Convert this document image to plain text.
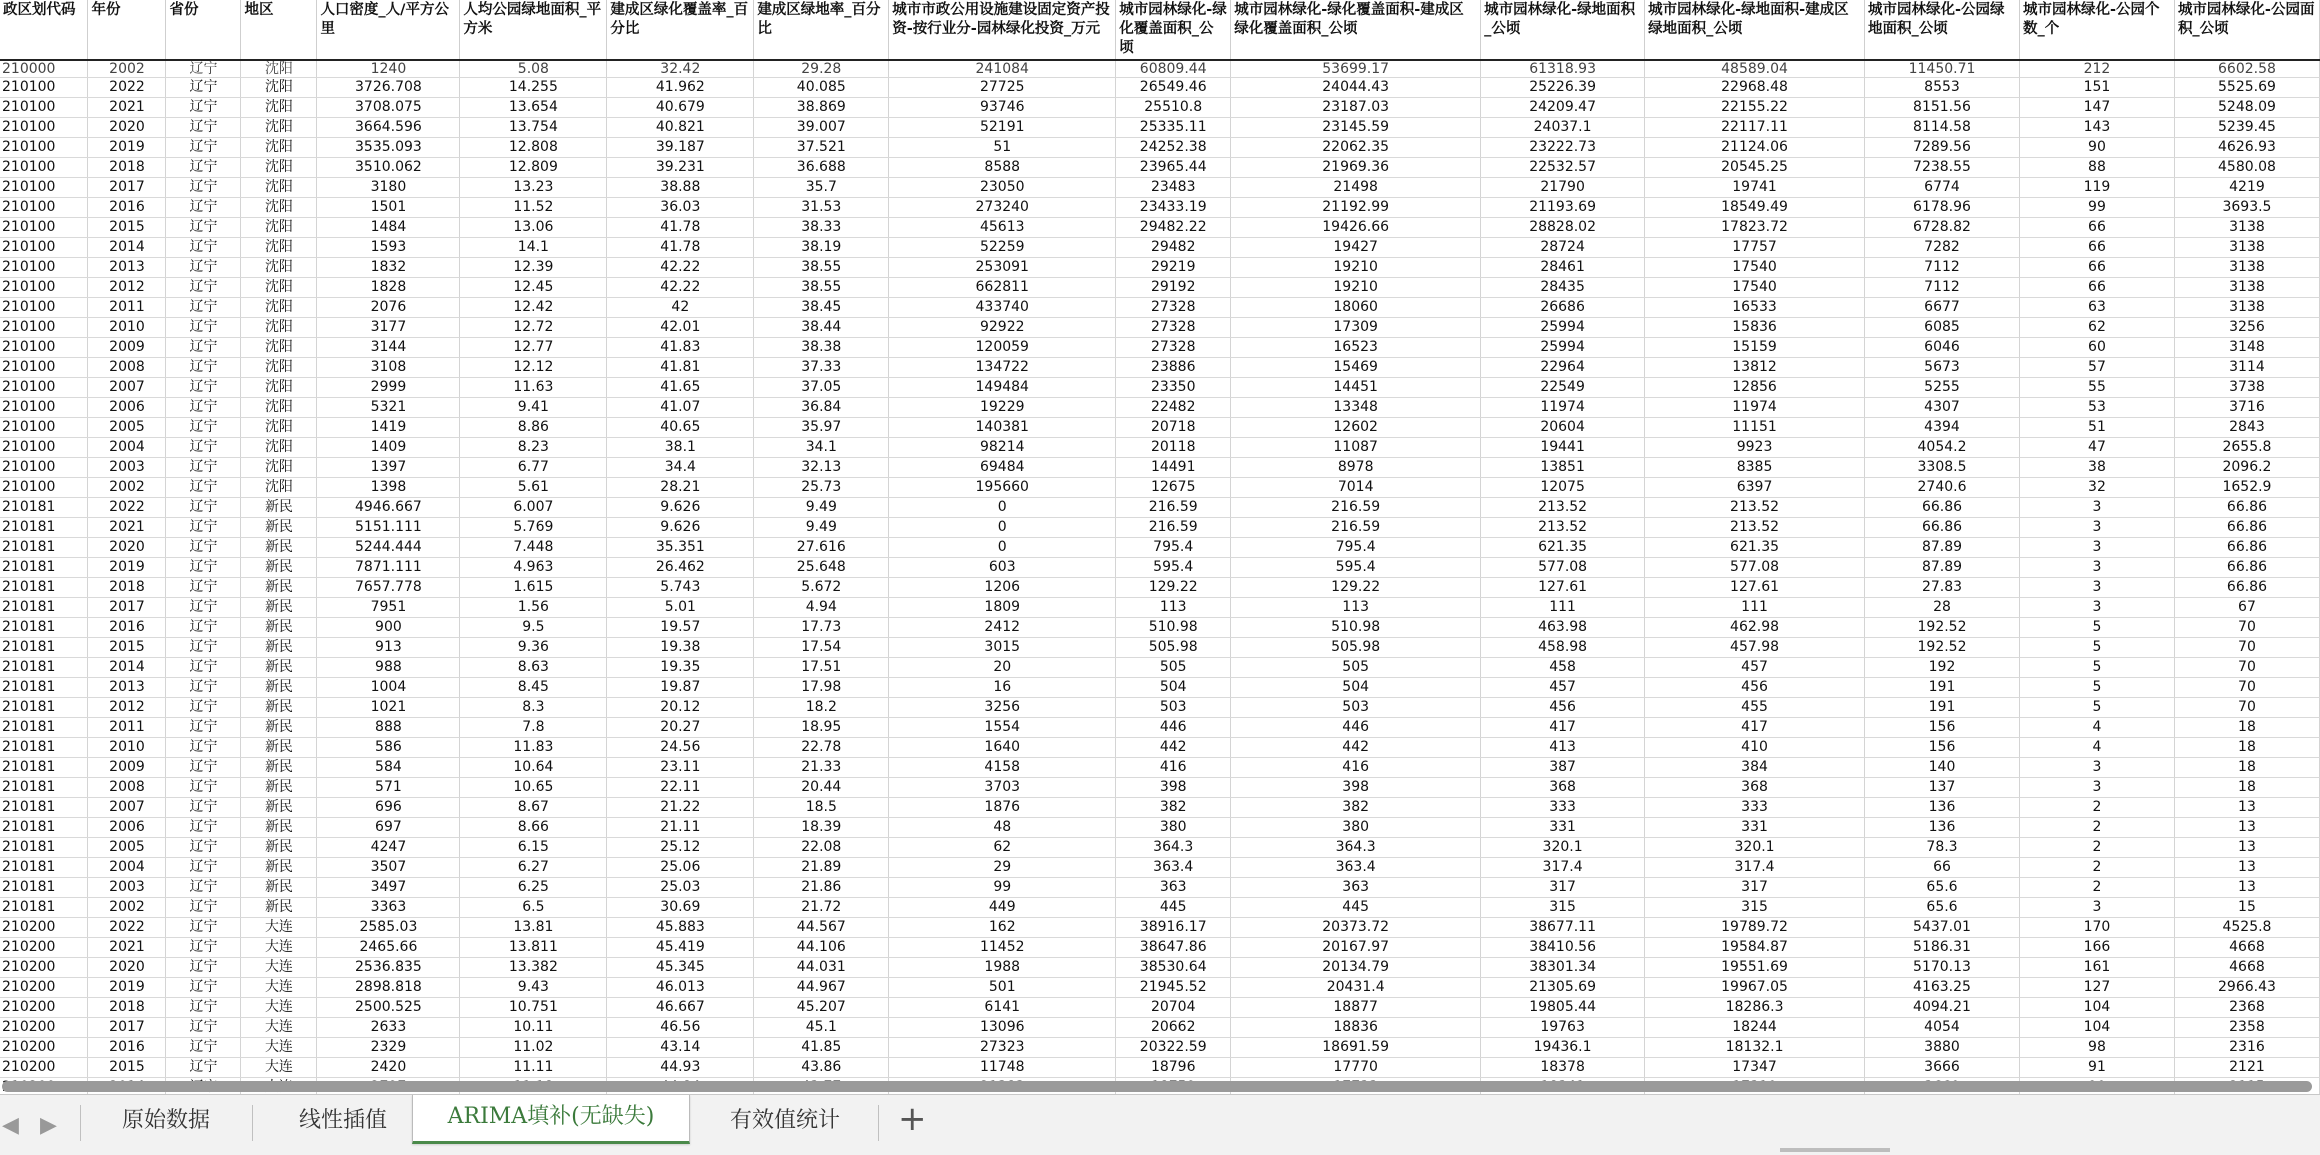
政区划代码	年份	省份	地区	人口密度_人/平方公里	人均公园绿地面积_平方米	建成区绿化覆盖率_百分比	建成区绿地率_百分比	城市市政公用设施建设固定资产投资-按行业分-园林绿化投资_万元	城市园林绿化-绿化覆盖面积_公顷	城市园林绿化-绿化覆盖面积-建成区绿化覆盖面积_公顷	城市园林绿化-绿地面积_公顷	城市园林绿化-绿地面积-建成区绿地面积_公顷	城市园林绿化-公园绿地面积_公顷	城市园林绿化-公园个数_个	城市园林绿化-公园面积_公顷
210000	2002	辽宁	沈阳	1240	5.08	32.42	29.28	241084	60809.44	53699.17	61318.93	48589.04	11450.71	212	6602.58
210100	2022	辽宁	沈阳	3726.708	14.255	41.962	40.085	27725	26549.46	24044.43	25226.39	22968.48	8553	151	5525.69
210100	2021	辽宁	沈阳	3708.075	13.654	40.679	38.869	93746	25510.8	23187.03	24209.47	22155.22	8151.56	147	5248.09
210100	2020	辽宁	沈阳	3664.596	13.754	40.821	39.007	52191	25335.11	23145.59	24037.1	22117.11	8114.58	143	5239.45
210100	2019	辽宁	沈阳	3535.093	12.808	39.187	37.521	51	24252.38	22062.35	23222.73	21124.06	7289.56	90	4626.93
210100	2018	辽宁	沈阳	3510.062	12.809	39.231	36.688	8588	23965.44	21969.36	22532.57	20545.25	7238.55	88	4580.08
210100	2017	辽宁	沈阳	3180	13.23	38.88	35.7	23050	23483	21498	21790	19741	6774	119	4219
210100	2016	辽宁	沈阳	1501	11.52	36.03	31.53	273240	23433.19	21192.99	21193.69	18549.49	6178.96	99	3693.5
210100	2015	辽宁	沈阳	1484	13.06	41.78	38.33	45613	29482.22	19426.66	28828.02	17823.72	6728.82	66	3138
210100	2014	辽宁	沈阳	1593	14.1	41.78	38.19	52259	29482	19427	28724	17757	7282	66	3138
210100	2013	辽宁	沈阳	1832	12.39	42.22	38.55	253091	29219	19210	28461	17540	7112	66	3138
210100	2012	辽宁	沈阳	1828	12.45	42.22	38.55	662811	29192	19210	28435	17540	7112	66	3138
210100	2011	辽宁	沈阳	2076	12.42	42	38.45	433740	27328	18060	26686	16533	6677	63	3138
210100	2010	辽宁	沈阳	3177	12.72	42.01	38.44	92922	27328	17309	25994	15836	6085	62	3256
210100	2009	辽宁	沈阳	3144	12.77	41.83	38.38	120059	27328	16523	25994	15159	6046	60	3148
210100	2008	辽宁	沈阳	3108	12.12	41.81	37.33	134722	23886	15469	22964	13812	5673	57	3114
210100	2007	辽宁	沈阳	2999	11.63	41.65	37.05	149484	23350	14451	22549	12856	5255	55	3738
210100	2006	辽宁	沈阳	5321	9.41	41.07	36.84	19229	22482	13348	11974	11974	4307	53	3716
210100	2005	辽宁	沈阳	1419	8.86	40.65	35.97	140381	20718	12602	20604	11151	4394	51	2843
210100	2004	辽宁	沈阳	1409	8.23	38.1	34.1	98214	20118	11087	19441	9923	4054.2	47	2655.8
210100	2003	辽宁	沈阳	1397	6.77	34.4	32.13	69484	14491	8978	13851	8385	3308.5	38	2096.2
210100	2002	辽宁	沈阳	1398	5.61	28.21	25.73	195660	12675	7014	12075	6397	2740.6	32	1652.9
210181	2022	辽宁	新民	4946.667	6.007	9.626	9.49	0	216.59	216.59	213.52	213.52	66.86	3	66.86
210181	2021	辽宁	新民	5151.111	5.769	9.626	9.49	0	216.59	216.59	213.52	213.52	66.86	3	66.86
210181	2020	辽宁	新民	5244.444	7.448	35.351	27.616	0	795.4	795.4	621.35	621.35	87.89	3	66.86
210181	2019	辽宁	新民	7871.111	4.963	26.462	25.648	603	595.4	595.4	577.08	577.08	87.89	3	66.86
210181	2018	辽宁	新民	7657.778	1.615	5.743	5.672	1206	129.22	129.22	127.61	127.61	27.83	3	66.86
210181	2017	辽宁	新民	7951	1.56	5.01	4.94	1809	113	113	111	111	28	3	67
210181	2016	辽宁	新民	900	9.5	19.57	17.73	2412	510.98	510.98	463.98	462.98	192.52	5	70
210181	2015	辽宁	新民	913	9.36	19.38	17.54	3015	505.98	505.98	458.98	457.98	192.52	5	70
210181	2014	辽宁	新民	988	8.63	19.35	17.51	20	505	505	458	457	192	5	70
210181	2013	辽宁	新民	1004	8.45	19.87	17.98	16	504	504	457	456	191	5	70
210181	2012	辽宁	新民	1021	8.3	20.12	18.2	3256	503	503	456	455	191	5	70
210181	2011	辽宁	新民	888	7.8	20.27	18.95	1554	446	446	417	417	156	4	18
210181	2010	辽宁	新民	586	11.83	24.56	22.78	1640	442	442	413	410	156	4	18
210181	2009	辽宁	新民	584	10.64	23.11	21.33	4158	416	416	387	384	140	3	18
210181	2008	辽宁	新民	571	10.65	22.11	20.44	3703	398	398	368	368	137	3	18
210181	2007	辽宁	新民	696	8.67	21.22	18.5	1876	382	382	333	333	136	2	13
210181	2006	辽宁	新民	697	8.66	21.11	18.39	48	380	380	331	331	136	2	13
210181	2005	辽宁	新民	4247	6.15	25.12	22.08	62	364.3	364.3	320.1	320.1	78.3	2	13
210181	2004	辽宁	新民	3507	6.27	25.06	21.89	29	363.4	363.4	317.4	317.4	66	2	13
210181	2003	辽宁	新民	3497	6.25	25.03	21.86	99	363	363	317	317	65.6	2	13
210181	2002	辽宁	新民	3363	6.5	30.69	21.72	449	445	445	315	315	65.6	3	15
210200	2022	辽宁	大连	2585.03	13.81	45.883	44.567	162	38916.17	20373.72	38677.11	19789.72	5437.01	170	4525.8
210200	2021	辽宁	大连	2465.66	13.811	45.419	44.106	11452	38647.86	20167.97	38410.56	19584.87	5186.31	166	4668
210200	2020	辽宁	大连	2536.835	13.382	45.345	44.031	1988	38530.64	20134.79	38301.34	19551.69	5170.13	161	4668
210200	2019	辽宁	大连	2898.818	9.43	46.013	44.967	501	21945.52	20431.4	21305.69	19967.05	4163.25	127	2966.43
210200	2018	辽宁	大连	2500.525	10.751	46.667	45.207	6141	20704	18877	19805.44	18286.3	4094.21	104	2368
210200	2017	辽宁	大连	2633	10.11	46.56	45.1	13096	20662	18836	19763	18244	4054	104	2358
210200	2016	辽宁	大连	2329	11.02	43.14	41.85	27323	20322.59	18691.59	19436.1	18132.1	3880	98	2316
210200	2015	辽宁	大连	2420	11.11	44.93	43.86	11748	18796	17770	18378	17347	3666	91	2121

◀ ▶	原始数据	线性插值	ARIMA填补(无缺失)	有效值统计	+
